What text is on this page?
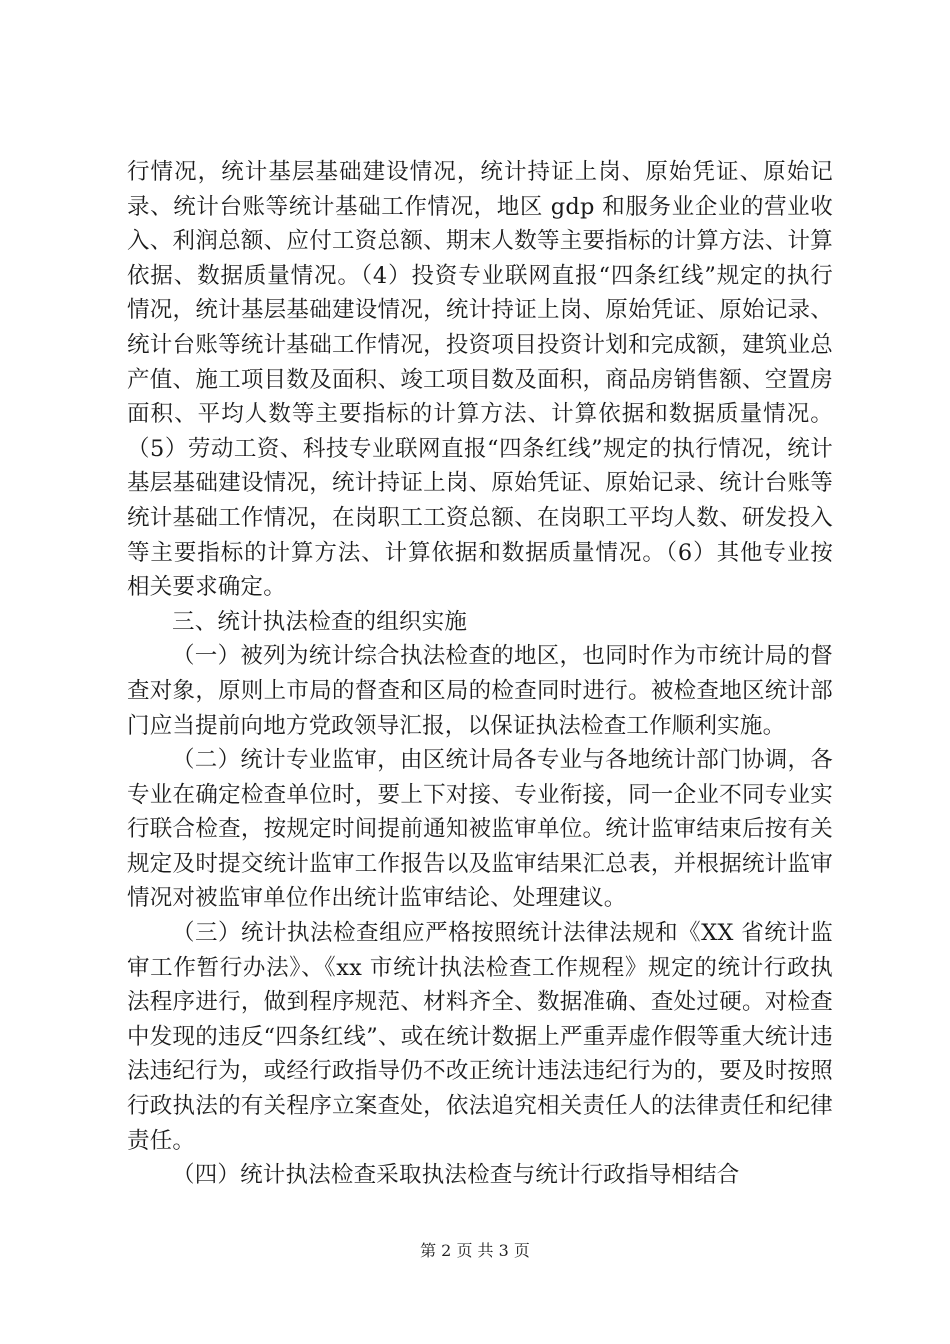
行情况，统计基层基础建设情况，统计持证上岗、原始凭证、原始记录、统计台账等统计基础工作情况，地区 gdp 和服务业企业的营业收入、利润总额、应付工资总额、期末人数等主要指标的计算方法、计算依据、数据质量情况。（4）投资专业联网直报“四条红线”规定的执行情况，统计基层基础建设情况，统计持证上岗、原始凭证、原始记录、统计台账等统计基础工作情况，投资项目投资计划和完成额，建筑业总产值、施工项目数及面积、竣工项目数及面积，商品房销售额、空置房面积、平均人数等主要指标的计算方法、计算依据和数据质量情况。（5）劳动工资、科技专业联网直报“四条红线”规定的执行情况，统计基层基础建设情况，统计持证上岗、原始凭证、原始记录、统计台账等统计基础工作情况，在岗职工工资总额、在岗职工平均人数、研发投入等主要指标的计算方法、计算依据和数据质量情况。（6）其他专业按相关要求确定。

三、统计执法检查的组织实施

（一）被列为统计综合执法检查的地区，也同时作为市统计局的督查对象，原则上市局的督查和区局的检查同时进行。被检查地区统计部门应当提前向地方党政领导汇报，以保证执法检查工作顺利实施。

（二）统计专业监审，由区统计局各专业与各地统计部门协调，各专业在确定检查单位时，要上下对接、专业衔接，同一企业不同专业实行联合检查，按规定时间提前通知被监审单位。统计监审结束后按有关规定及时提交统计监审工作报告以及监审结果汇总表，并根据统计监审情况对被监审单位作出统计监审结论、处理建议。

（三）统计执法检查组应严格按照统计法律法规和《XX 省统计监审工作暂行办法》、《xx 市统计执法检查工作规程》规定的统计行政执法程序进行，做到程序规范、材料齐全、数据准确、查处过硬。对检查中发现的违反“四条红线”、或在统计数据上严重弄虚作假等重大统计违法违纪行为，或经行政指导仍不改正统计违法违纪行为的，要及时按照行政执法的有关程序立案查处，依法追究相关责任人的法律责任和纪律责任。

（四）统计执法检查采取执法检查与统计行政指导相结合

第 2 页 共 3 页
